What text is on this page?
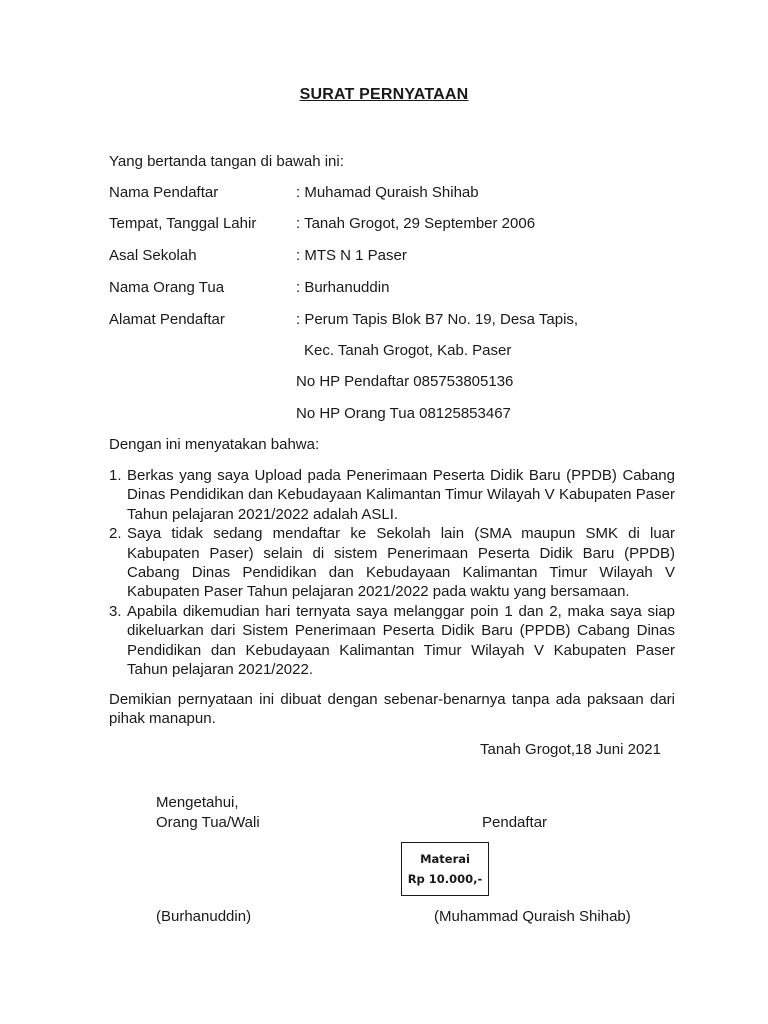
SURAT PERNYATAAN
Yang bertanda tangan di bawah ini:
Nama Pendaftar	: Muhamad Quraish Shihab
Tempat, Tanggal Lahir	: Tanah Grogot, 29 September 2006
Asal Sekolah	: MTS N 1 Paser
Nama Orang Tua	: Burhanuddin
Alamat Pendaftar	: Perum Tapis Blok B7 No. 19, Desa Tapis,
Kec. Tanah Grogot, Kab. Paser
No HP Pendaftar 085753805136
No HP Orang Tua 08125853467
Dengan ini menyatakan bahwa:
1. Berkas yang saya Upload pada Penerimaan Peserta Didik Baru (PPDB) Cabang Dinas Pendidikan dan Kebudayaan Kalimantan Timur Wilayah V Kabupaten Paser Tahun pelajaran 2021/2022 adalah ASLI.
2. Saya tidak sedang mendaftar ke Sekolah lain (SMA maupun SMK di luar Kabupaten Paser) selain di sistem Penerimaan Peserta Didik Baru (PPDB) Cabang Dinas Pendidikan dan Kebudayaan Kalimantan Timur Wilayah V Kabupaten Paser Tahun pelajaran 2021/2022 pada waktu yang bersamaan.
3. Apabila dikemudian hari ternyata saya melanggar poin 1 dan 2, maka saya siap dikeluarkan dari Sistem Penerimaan Peserta Didik Baru (PPDB) Cabang Dinas Pendidikan dan Kebudayaan Kalimantan Timur Wilayah V Kabupaten Paser Tahun pelajaran 2021/2022.
Demikian pernyataan ini dibuat dengan sebenar-benarnya tanpa ada paksaan dari pihak manapun.
Tanah Grogot,18 Juni 2021
Mengetahui,
Orang Tua/Wali	Pendaftar
Materai
Rp 10.000,-
(Burhanuddin)	(Muhammad Quraish Shihab)
